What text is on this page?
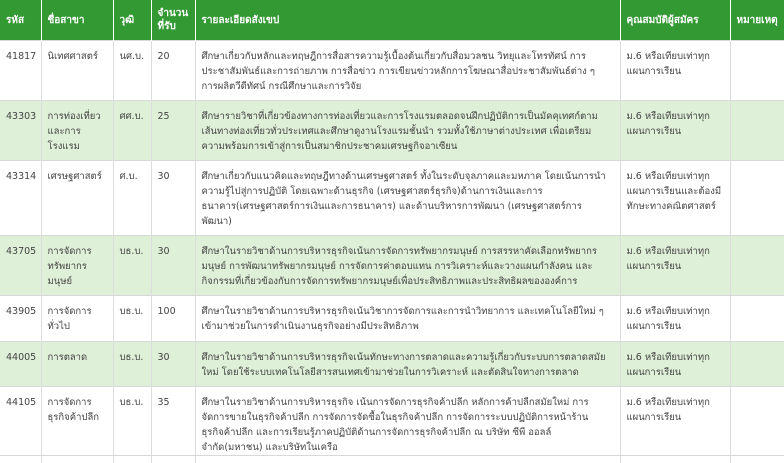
รหัส	ชื่อสาขา	วุฒิ	จำนวนที่รับ	รายละเอียดสังเขป	คุณสมบัติผู้สมัคร	หมายเหตุ
41817	นิเทศศาสตร์	นศ.บ.	20	ศึกษาเกี่ยวกับหลักและทฤษฎีการสื่อสารความรู้เบื้องต้นเกี่ยวกับสื่อมวลชน วิทยุและโทรทัศน์ การประชาสัมพันธ์และการถ่ายภาพ การสื่อข่าว การเขียนข่าวหลักการโฆษณาสื่อประชาสัมพันธ์ต่าง ๆ การผลิตวีดีทัศน์ กรณีศึกษาและการวิจัย	ม.6 หรือเทียบเท่าทุกแผนการเรียน	
43303	การท่องเที่ยวและการโรงแรม	ศศ.บ.	25	ศึกษารายวิชาที่เกี่ยวข้องทางการท่องเที่ยวและการโรงแรมตลอดจนฝึกปฏิบัติการเป็นมัคคุเทศก์ตามเส้นทางท่องเที่ยวทั่วประเทศและศึกษาดูงานโรงแรมชั้นนำ รวมทั้งใช้ภาษาต่างประเทศ เพื่อเตรียมความพร้อมการเข้าสู่การเป็นสมาชิกประชาคมเศรษฐกิจอาเซียน	ม.6 หรือเทียบเท่าทุกแผนการเรียน	
43314	เศรษฐศาสตร์	ศ.บ.	30	ศึกษาเกี่ยวกับแนวคิดและทฤษฎีทางด้านเศรษฐศาสตร์ ทั้งในระดับจุลภาคและมหภาค โดยเน้นการนำความรู้ไปสู่การปฏิบัติ โดยเฉพาะด้านธุรกิจ (เศรษฐศาสตร์ธุรกิจ)ด้านการเงินและการธนาคาร(เศรษฐศาสตร์การเงินและการธนาคาร) และด้านบริหารการพัฒนา (เศรษฐศาสตร์การพัฒนา)	ม.6 หรือเทียบเท่าทุกแผนการเรียนและต้องมีทักษะทางคณิตศาสตร์	
43705	การจัดการทรัพยากรมนุษย์	บธ.บ.	30	ศึกษาในรายวิชาด้านการบริหารธุรกิจเน้นการจัดการทรัพยากรมนุษย์ การสรรหาคัดเลือกทรัพยากรมนุษย์ การพัฒนาทรัพยากรมนุษย์ การจัดการค่าตอบแทน การวิเคราะห์และวางแผนกำลังคน และกิจกรรมที่เกี่ยวข้องกับการจัดการทรัพยากรมนุษย์เพื่อประสิทธิภาพและประสิทธิผลขององค์การ	ม.6 หรือเทียบเท่าทุกแผนการเรียน	
43905	การจัดการทั่วไป	บธ.บ.	100	ศึกษาในรายวิชาด้านการบริหารธุรกิจเน้นวิชาการจัดการและการนำวิทยาการ และเทคโนโลยีใหม่ ๆ เข้ามาช่วยในการดำเนินงานธุรกิจอย่างมีประสิทธิภาพ	ม.6 หรือเทียบเท่าทุกแผนการเรียน	
44005	การตลาด	บธ.บ.	30	ศึกษาในรายวิชาด้านการบริหารธุรกิจเน้นทักษะทางการตลาดและความรู้เกี่ยวกับระบบการตลาดสมัยใหม่ โดยใช้ระบบเทคโนโลยีสารสนเทศเข้ามาช่วยในการวิเคราะห์ และตัดสินใจทางการตลาด	ม.6 หรือเทียบเท่าทุกแผนการเรียน	
44105	การจัดการธุรกิจค้าปลีก	บธ.บ.	35	ศึกษาในรายวิชาด้านการบริหารธุรกิจ เน้นการจัดการธุรกิจค้าปลีก หลักการค้าปลีกสมัยใหม่ การจัดการขายในธุรกิจค้าปลีก การจัดการจัดซื้อในธุรกิจค้าปลีก การจัดการระบบปฏิบัติการหน้าร้านธุรกิจค้าปลีก และการเรียนรู้ภาคปฏิบัติด้านการจัดการธุรกิจค้าปลีก ณ บริษัท ซีพี ออลล์ จำกัด(มหาชน) และบริษัทในเครือ	ม.6 หรือเทียบเท่าทุกแผนการเรียน	
